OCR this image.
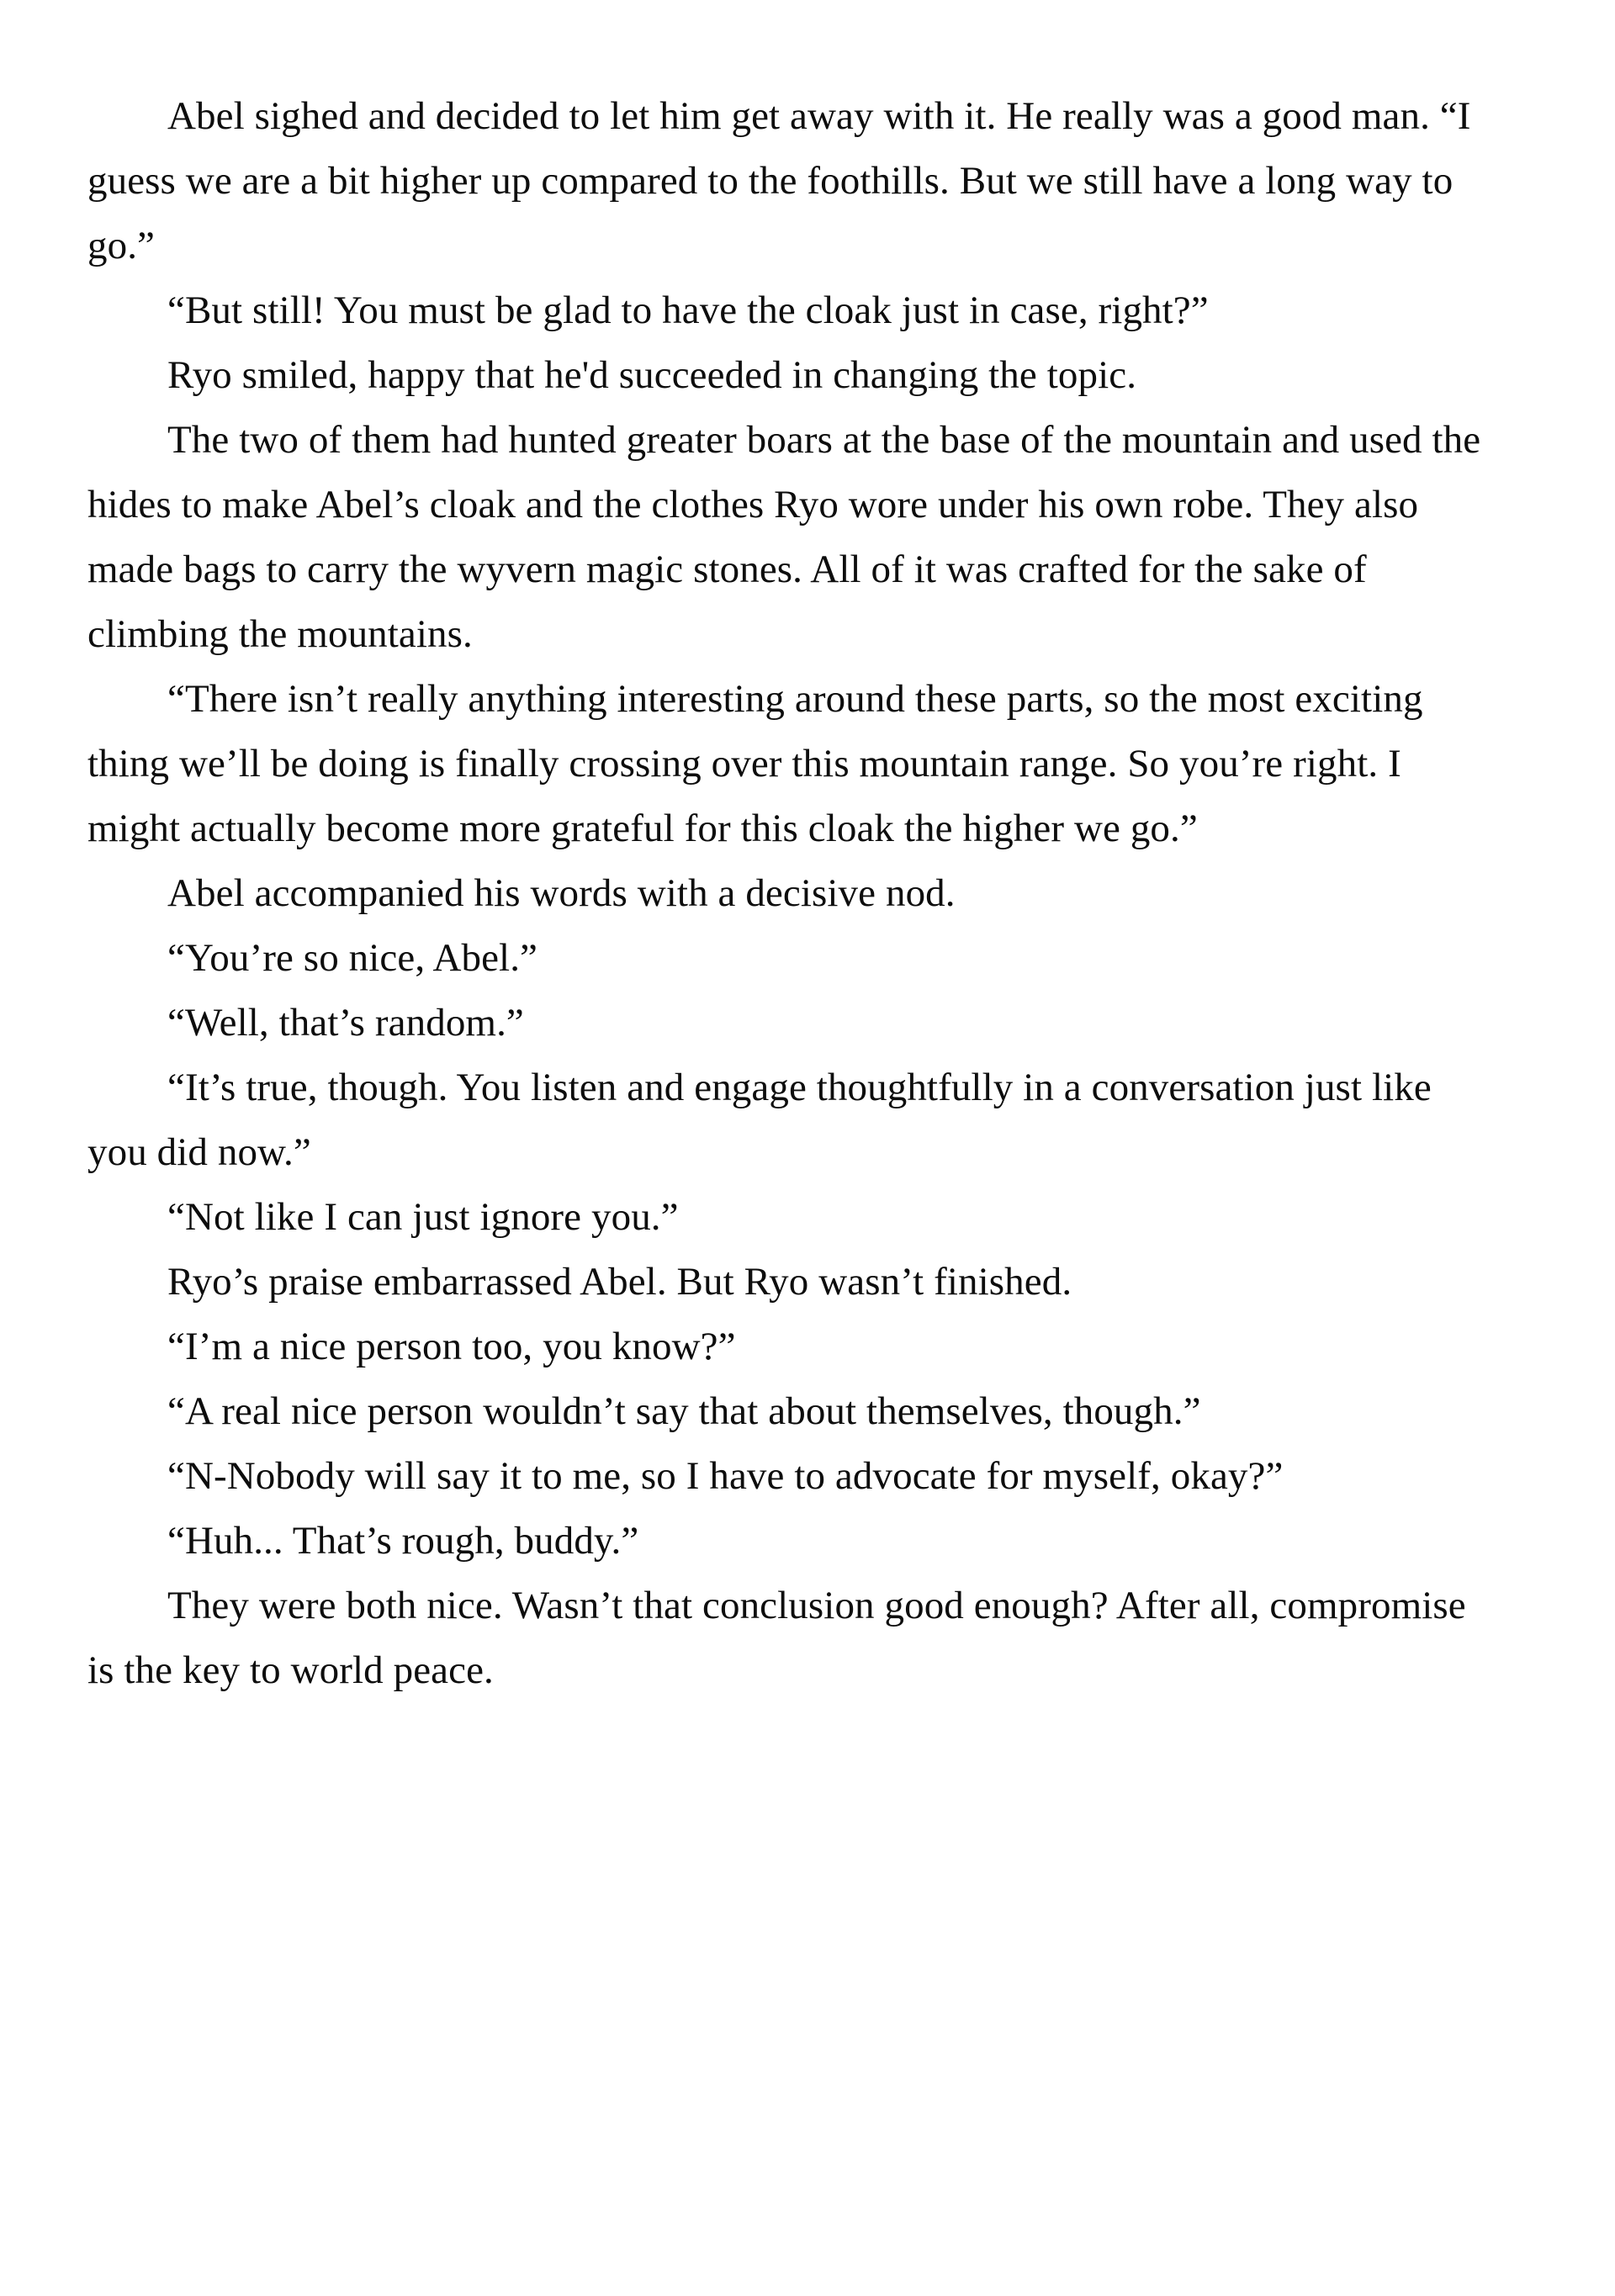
Abel sighed and decided to let him get away with it. He really was a good man. “I guess we are a bit higher up compared to the foothills. But we still have a long way to go.”

“But still! You must be glad to have the cloak just in case, right?”

Ryo smiled, happy that he'd succeeded in changing the topic.

The two of them had hunted greater boars at the base of the mountain and used the hides to make Abel’s cloak and the clothes Ryo wore under his own robe. They also made bags to carry the wyvern magic stones. All of it was crafted for the sake of climbing the mountains.

“There isn’t really anything interesting around these parts, so the most exciting thing we’ll be doing is finally crossing over this mountain range. So you’re right. I might actually become more grateful for this cloak the higher we go.”

Abel accompanied his words with a decisive nod.

“You’re so nice, Abel.”

“Well, that’s random.”

“It’s true, though. You listen and engage thoughtfully in a conversation just like you did now.”

“Not like I can just ignore you.”

Ryo’s praise embarrassed Abel. But Ryo wasn’t finished.

“I’m a nice person too, you know?”

“A real nice person wouldn’t say that about themselves, though.”

“N-Nobody will say it to me, so I have to advocate for myself, okay?”

“Huh... That’s rough, buddy.”

They were both nice. Wasn’t that conclusion good enough? After all, compromise is the key to world peace.
